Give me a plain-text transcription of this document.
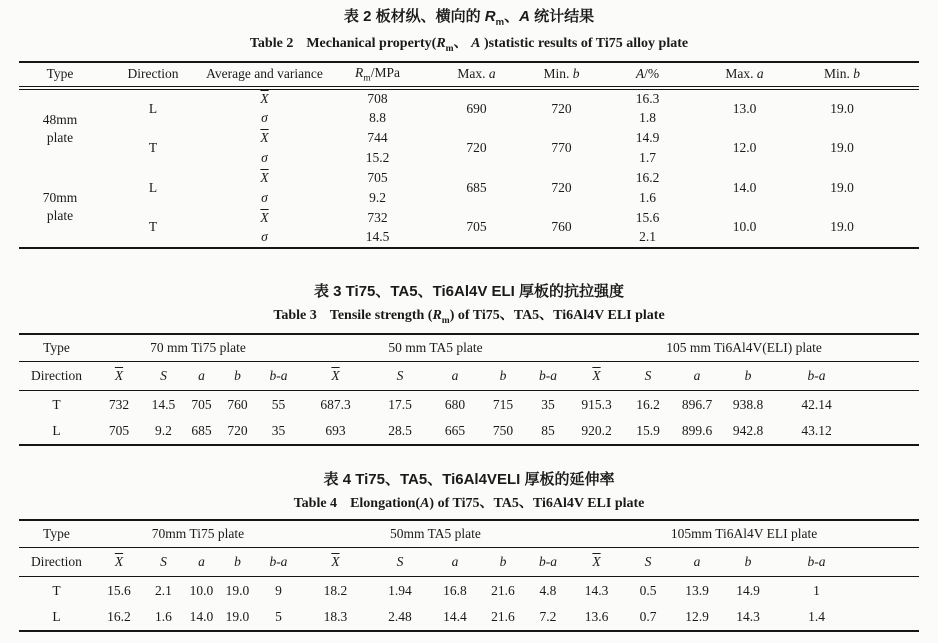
表 2 板材纵、横向的 $R_m$、A 统计结果
Table 2 Mechanical $property(R_m$、 A )statistic results of Ti75 alloy plate
Type	Direction	Average and variance	$R_m$/MPa	Max. a	Min. b	A/%	Max. a	Min. b

48mm
plate	L	$\overline{X}$	708	690	720	16.3	13.0	19.0
		σ	8.8			1.8		
	T	$\overline{X}$	744	720	770	14.9	12.0	19.0
		σ	15.2			1.7		

70mm
plate	L	$\overline{X}$	705	685	720	16.2	14.0	19.0
		σ	9.2			1.6		
	T	$\overline{X}$	732	705	760	15.6	10.0	19.0
		σ	14.5			2.1		
表 3 Ti75、TA5、Ti6Al4V ELI 厚板的抗拉强度
Table 3 Tensile strength $(R_m)$ of Ti75、TA5、Ti6Al4V ELI plate
Type	70 mm Ti75 plate					50 mm TA5 plate					105 mm Ti6Al4V(ELI) plate				
Direction	$\overline{X}$	S	a	b	b-a	$\overline{X}$	S	a	b	b-a	$\overline{X}$	S	a	b	b-a
T	732	14.5	705	760	55	687.3	17.5	680	715	35	915.3	16.2	896.7	938.8	42.14
L	705	9.2	685	720	35	693	28.5	665	750	85	920.2	15.9	899.6	942.8	43.12
表 4 Ti75、TA5、Ti6Al4VELI 厚板的延伸率
Table 4 Elongation(A) of Ti75、TA5、Ti6Al4V ELI plate
Type	70mm Ti75 plate					50mm TA5 plate					105mm Ti6Al4V ELI plate				
Direction	$\overline{X}$	S	a	b	b-a	$\overline{X}$	S	a	b	b-a	$\overline{X}$	S	a	b	b-a
T	15.6	2.1	10.0	19.0	9	18.2	1.94	16.8	21.6	4.8	14.3	0.5	13.9	14.9	1
L	16.2	1.6	14.0	19.0	5	18.3	2.48	14.4	21.6	7.2	13.6	0.7	12.9	14.3	1.4
